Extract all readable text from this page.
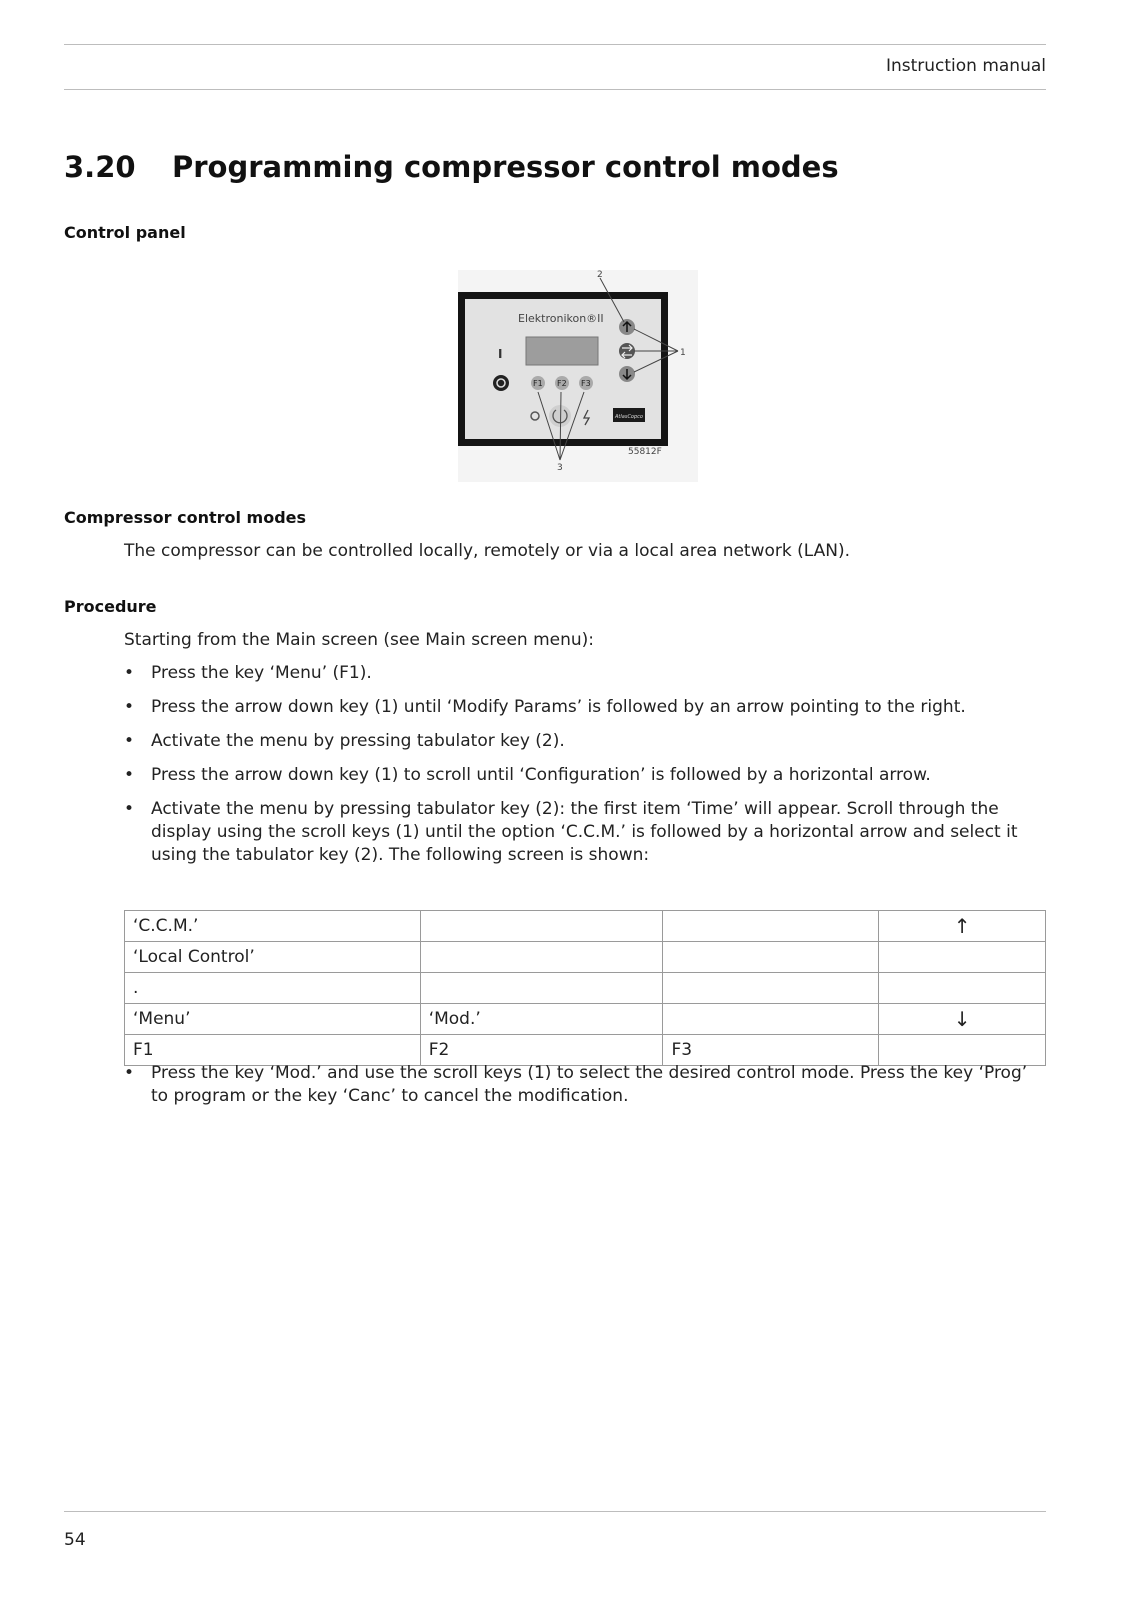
Instruction manual
3.20 Programming compressor control modes
Control panel
Elektronikon®II
I
F1 F2 F3
AtlasCopco
55812F
2
1
3
Compressor control modes

The compressor can be controlled locally, remotely or via a local area network (LAN).

Procedure

Starting from the Main screen (see Main screen menu):

• Press the key ‘Menu’ (F1).
• Press the arrow down key (1) until ‘Modify Params’ is followed by an arrow pointing to the right.
• Activate the menu by pressing tabulator key (2).
• Press the arrow down key (1) to scroll until ‘Configuration’ is followed by a horizontal arrow.
• Activate the menu by pressing tabulator key (2): the first item ‘Time’ will appear. Scroll through the display using the scroll keys (1) until the option ‘C.C.M.’ is followed by a horizontal arrow and select it using the tabulator key (2). The following screen is shown:
‘C.C.M.’			↑
‘Local Control’			
.			
‘Menu’	‘Mod.’		↓
F1	F2	F3	
• Press the key ‘Mod.’ and use the scroll keys (1) to select the desired control mode. Press the key ‘Prog’ to program or the key ‘Canc’ to cancel the modification.
54
